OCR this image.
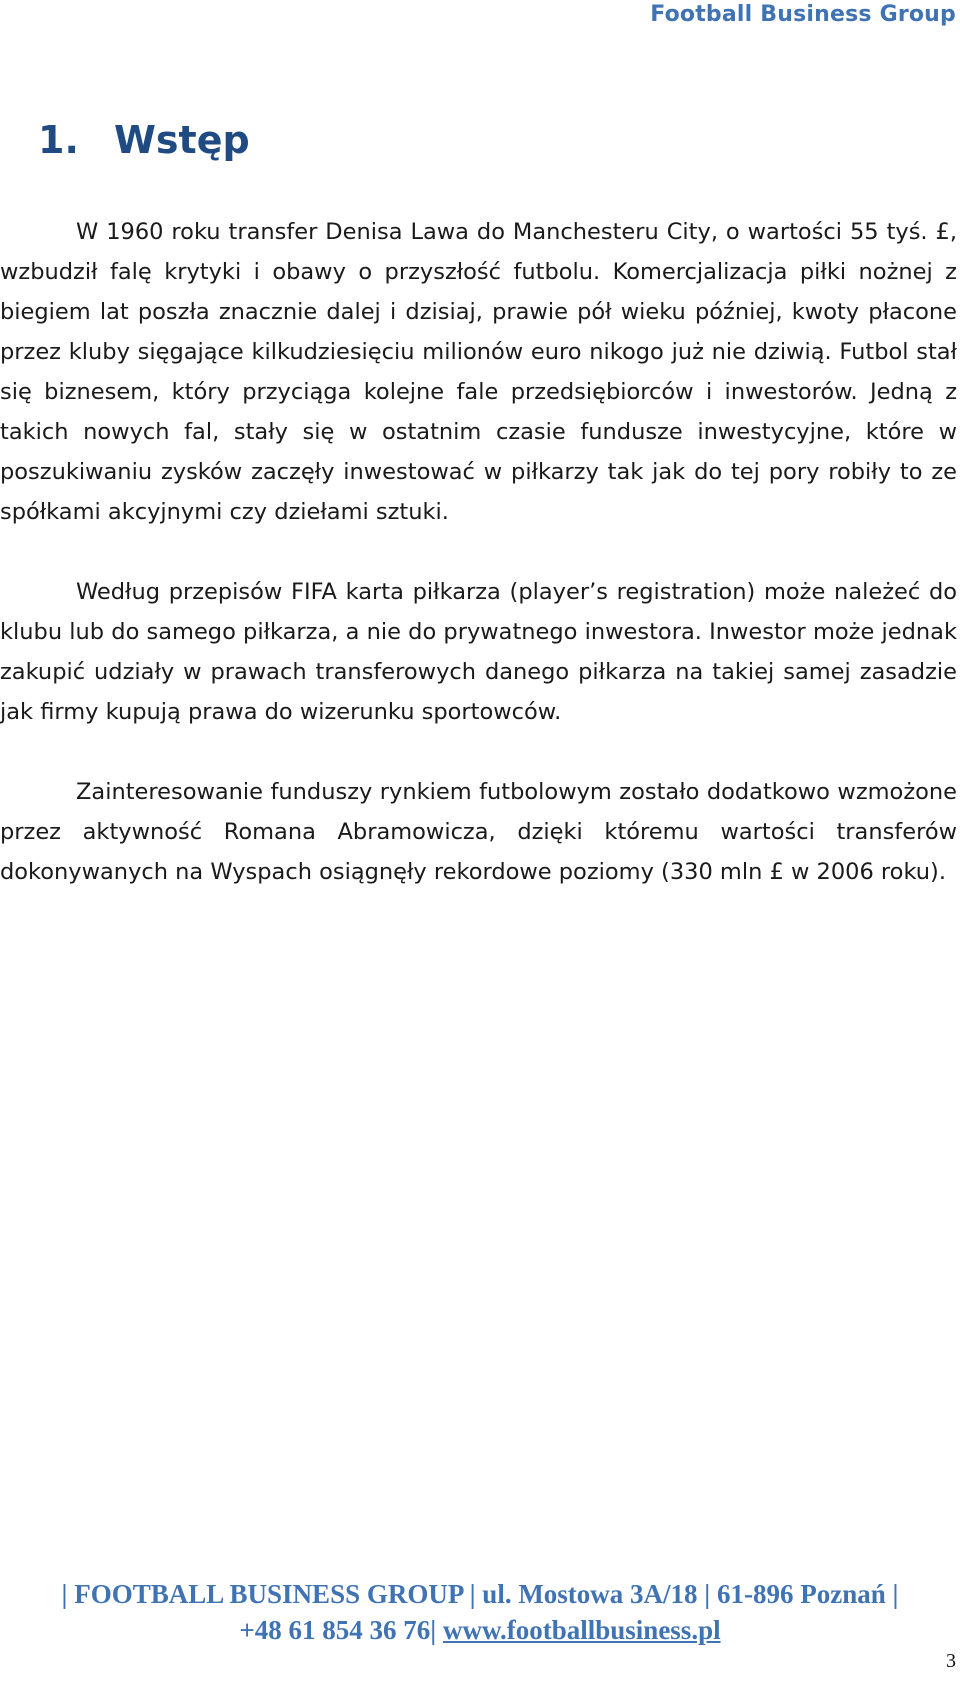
Football Business Group
1. Wstęp

W 1960 roku transfer Denisa Lawa do Manchesteru City, o wartości 55 tyś. £, wzbudził falę krytyki i obawy o przyszłość futbolu. Komercjalizacja piłki nożnej z biegiem lat poszła znacznie dalej i dzisiaj, prawie pół wieku później, kwoty płacone przez kluby sięgające kilkudziesięciu milionów euro nikogo już nie dziwią. Futbol stał się biznesem, który przyciąga kolejne fale przedsiębiorców i inwestorów. Jedną z takich nowych fal, stały się w ostatnim czasie fundusze inwestycyjne, które w poszukiwaniu zysków zaczęły inwestować w piłkarzy tak jak do tej pory robiły to ze spółkami akcyjnymi czy dziełami sztuki.

Według przepisów FIFA karta piłkarza (player’s registration) może należeć do klubu lub do samego piłkarza, a nie do prywatnego inwestora. Inwestor może jednak zakupić udziały w prawach transferowych danego piłkarza na takiej samej zasadzie jak firmy kupują prawa do wizerunku sportowców.

Zainteresowanie funduszy rynkiem futbolowym zostało dodatkowo wzmożone przez aktywność Romana Abramowicza, dzięki któremu wartości transferów dokonywanych na Wyspach osiągnęły rekordowe poziomy (330 mln £ w 2006 roku).

| FOOTBALL BUSINESS GROUP | ul. Mostowa 3A/18 | 61-896 Poznań |
+48 61 854 36 76| www.footballbusiness.pl
3
